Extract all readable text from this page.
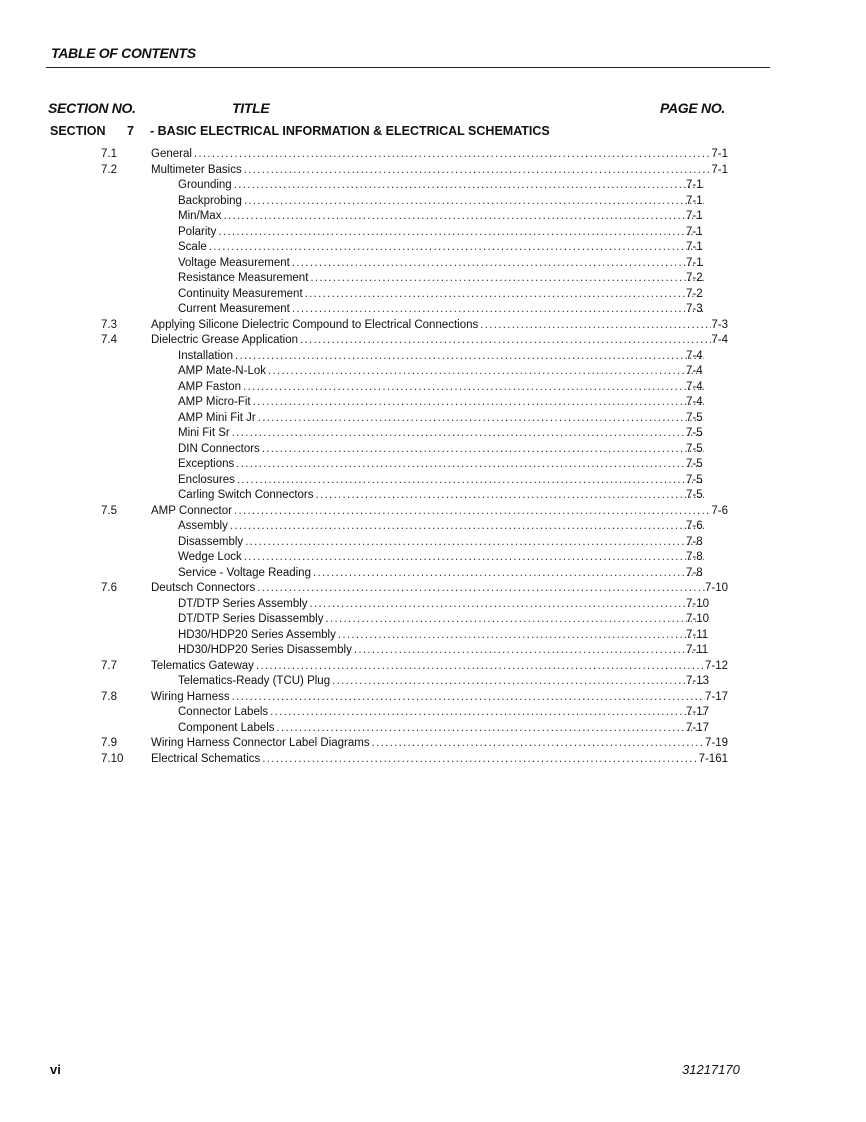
TABLE OF CONTENTS
SECTION NO.	TITLE	PAGE NO.
SECTION 7 - BASIC ELECTRICAL INFORMATION & ELECTRICAL SCHEMATICS
7.1	General .....	7-1
7.2	Multimeter Basics .....	7-1
Grounding .....	7-1
Backprobing .....	7-1
Min/Max .....	7-1
Polarity .....	7-1
Scale .....	7-1
Voltage Measurement .....	7-1
Resistance Measurement .....	7-2
Continuity Measurement .....	7-2
Current Measurement .....	7-3
7.3	Applying Silicone Dielectric Compound to Electrical Connections .....	7-3
7.4	Dielectric Grease Application .....	7-4
Installation .....	7-4
AMP Mate-N-Lok .....	7-4
AMP Faston .....	7-4
AMP Micro-Fit .....	7-4
AMP Mini Fit Jr .....	7-5
Mini Fit Sr .....	7-5
DIN Connectors .....	7-5
Exceptions .....	7-5
Enclosures .....	7-5
Carling Switch Connectors .....	7-5
7.5	AMP Connector .....	7-6
Assembly .....	7-6
Disassembly .....	7-8
Wedge Lock .....	7-8
Service - Voltage Reading .....	7-8
7.6	Deutsch Connectors .....	7-10
DT/DTP Series Assembly .....	7-10
DT/DTP Series Disassembly .....	7-10
HD30/HDP20 Series Assembly .....	7-11
HD30/HDP20 Series Disassembly .....	7-11
7.7	Telematics Gateway .....	7-12
Telematics-Ready (TCU) Plug .....	7-13
7.8	Wiring Harness .....	7-17
Connector Labels .....	7-17
Component Labels .....	7-17
7.9	Wiring Harness Connector Label Diagrams .....	7-19
7.10 Electrical Schematics .....	7-161
vi	31217170
